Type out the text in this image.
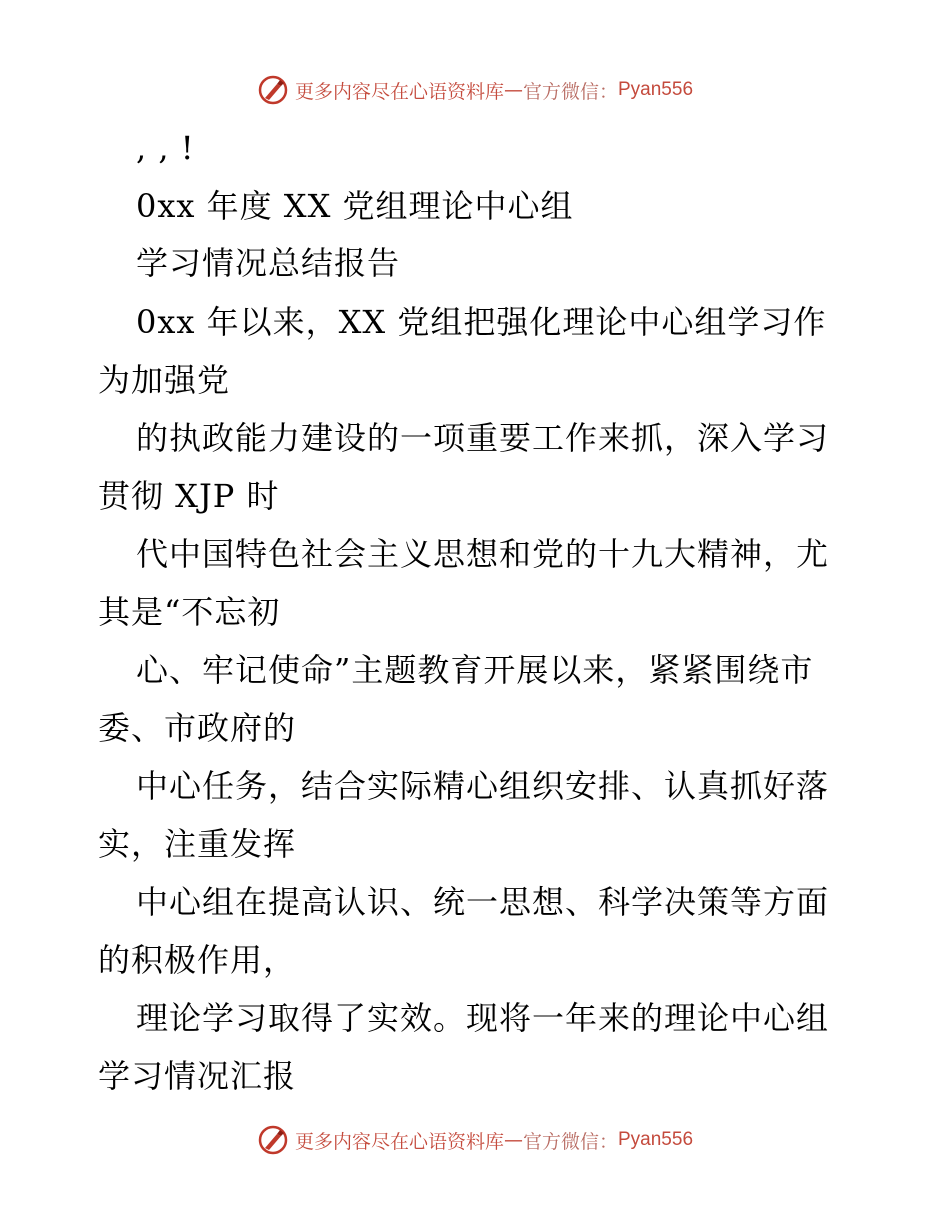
更多内容尽在心语资料库 — 官方微信： Pyan556
, , !
0xx 年度 XX 党组理论中心组
学习情况总结报告
0xx 年以来，XX 党组把强化理论中心组学习作
为加强党
的执政能力建设的一项重要工作来抓，深入学习
贯彻 XJP 时
代中国特色社会主义思想和党的十九大精神，尤
其是“不忘初
心、牢记使命”主题教育开展以来，紧紧围绕市
委、市政府的
中心任务，结合实际精心组织安排、认真抓好落
实，注重发挥
中心组在提高认识、统一思想、科学决策等方面
的积极作用，
理论学习取得了实效。现将一年来的理论中心组
学习情况汇报
更多内容尽在心语资料库 — 官方微信： Pyan556
